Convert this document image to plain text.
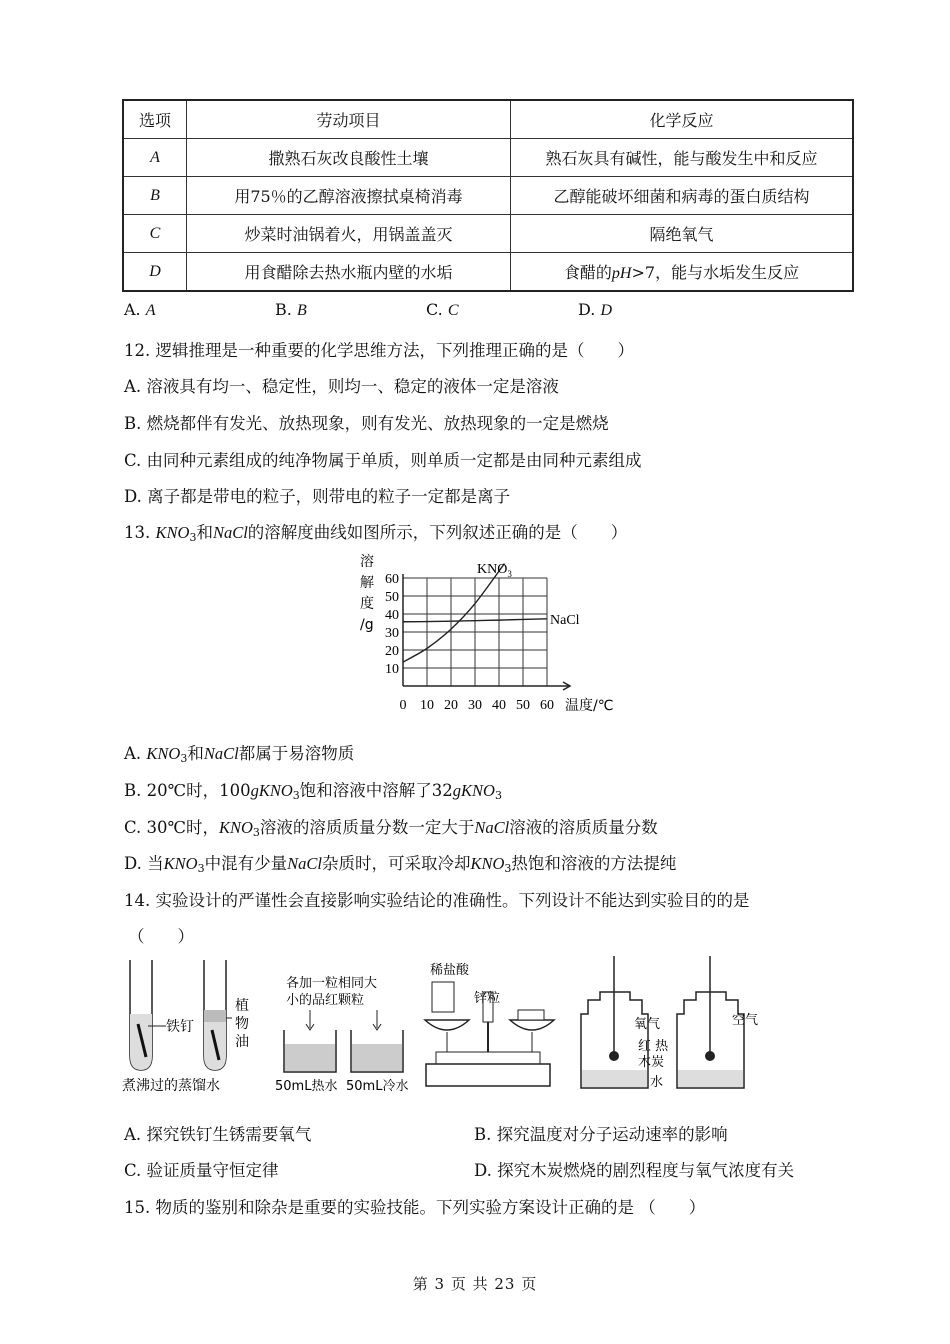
选项	劳动项目	化学反应
A	撒熟石灰改良酸性土壤	熟石灰具有碱性，能与酸发生中和反应
B	用75％的乙醇溶液擦拭桌椅消毒	乙醇能破坏细菌和病毒的蛋白质结构
C	炒菜时油锅着火，用锅盖盖灭	隔绝氧气
D	用食醋除去热水瓶内壁的水垢	食醋的pH>7，能与水垢发生反应
A. A	B. B	C. C	D. D
12. 逻辑推理是一种重要的化学思维方法，下列推理正确的是（　　）
A. 溶液具有均一、稳定性，则均一、稳定的液体一定是溶液
B. 燃烧都伴有发光、放热现象，则有发光、放热现象的一定是燃烧
C. 由同种元素组成的纯净物属于单质，则单质一定都是由同种元素组成
D. 离子都是带电的粒子，则带电的粒子一定都是离子
13. $KNO_3$和NaCl的溶解度曲线如图所示，下列叙述正确的是（　　）
10
20
30
40
50
60
0 10 20 30 40 50 60
溶
解
度
/g
温度/℃
$KNO_3$
NaCl
A. $KNO_3$和NaCl都属于易溶物质
B. 20℃时，100gKNO$_3$饱和溶液中溶解了32gKNO$_3$
C. 30℃时，$KNO_3$溶液的溶质质量分数一定大于NaCl溶液的溶质质量分数
D. 当$KNO_3$中混有少量NaCl杂质时，可采取冷却$KNO_3$热饱和溶液的方法提纯
14. 实验设计的严谨性会直接影响实验结论的准确性。下列设计不能达到实验目的的是
（　　）
铁钉
植
物
油
煮沸过的蒸馏水
各加一粒相同大
小的品红颗粒
50mL热水 50mL冷水
稀盐酸
锌粒
氧气	空气
红 热
木炭
水
A. 探究铁钉生锈需要氧气	B. 探究温度对分子运动速率的影响
C. 验证质量守恒定律	D. 探究木炭燃烧的剧烈程度与氧气浓度有关
15. 物质的鉴别和除杂是重要的实验技能。下列实验方案设计正确的是 （　　）
第 3 页 共 23 页
